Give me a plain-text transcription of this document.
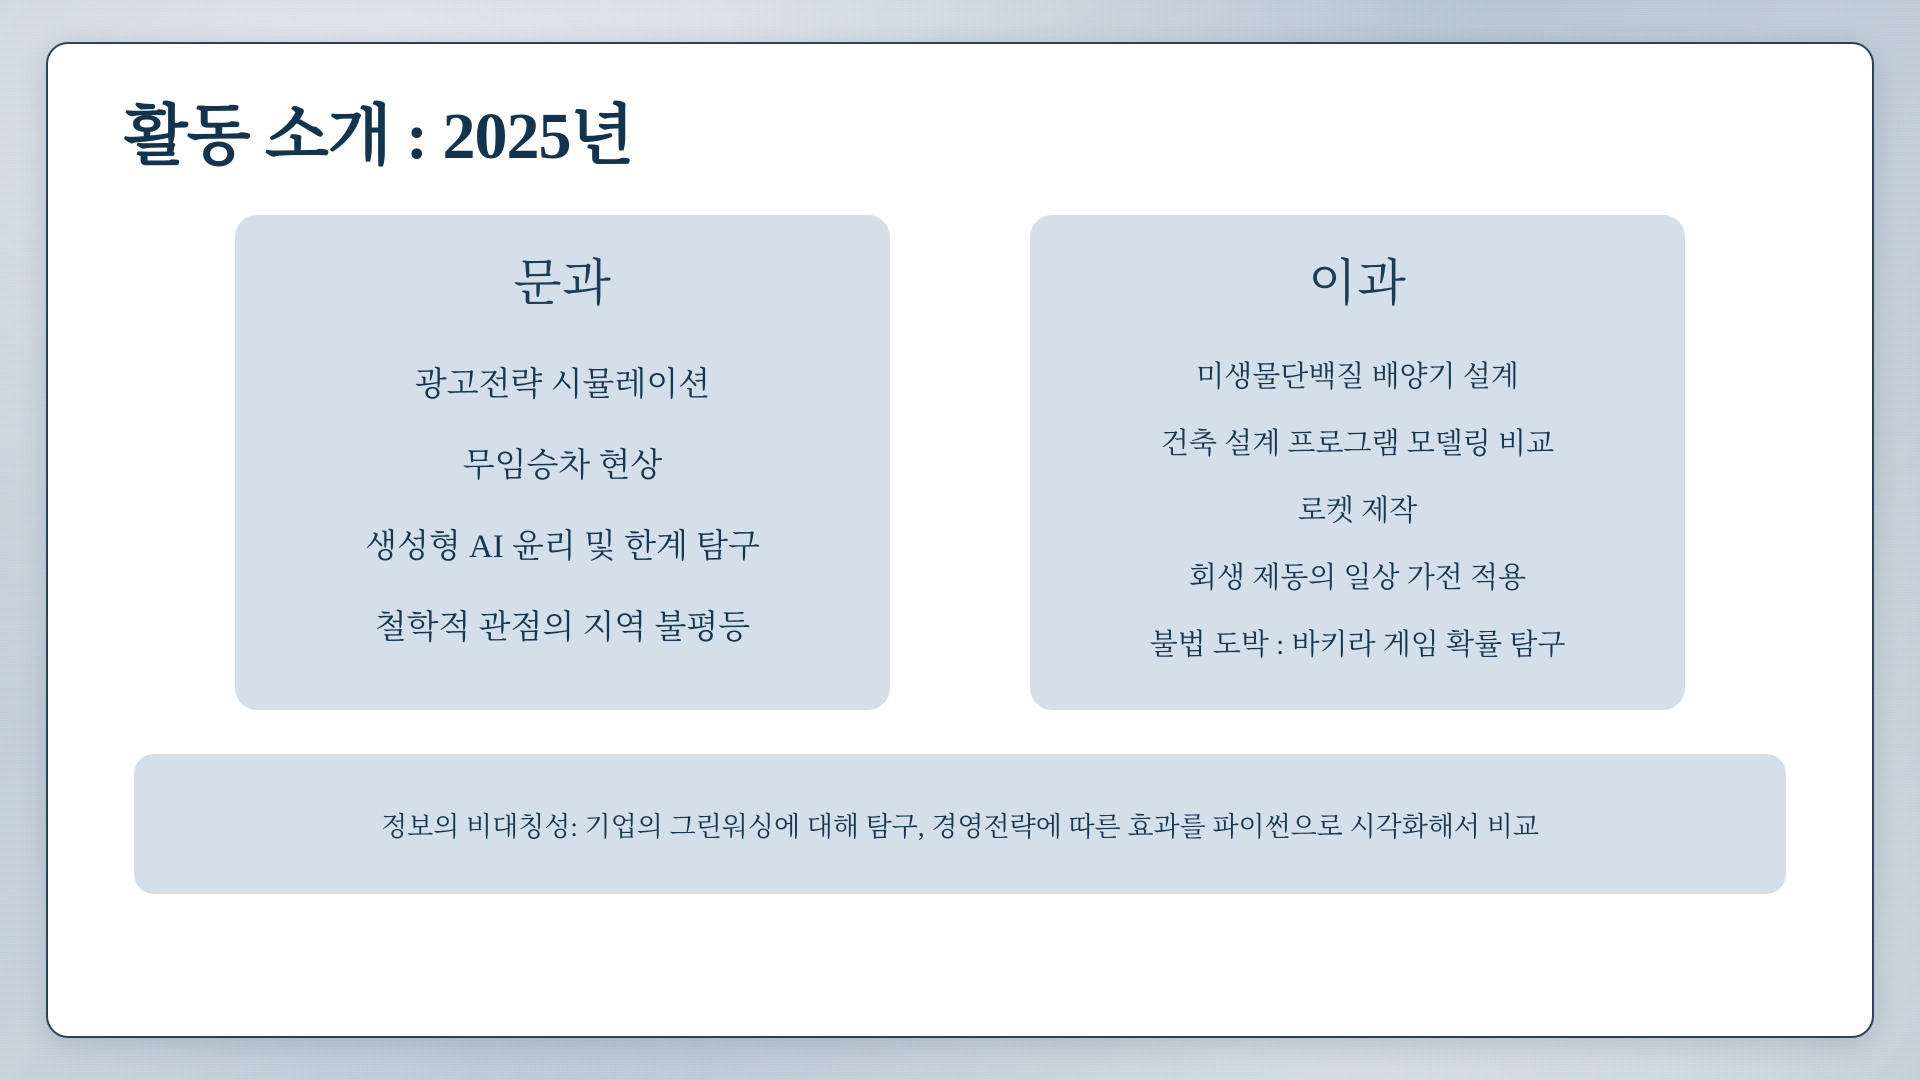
활동 소개 : 2025년
문과
광고전략 시뮬레이션
무임승차 현상
생성형 AI 윤리 및 한계 탐구
철학적 관점의 지역 불평등
이과
미생물단백질 배양기 설계
건축 설계 프로그램 모델링 비교
로켓 제작
회생 제동의 일상 가전 적용
불법 도박 : 바키라 게임 확률 탐구
정보의 비대칭성: 기업의 그린워싱에 대해 탐구, 경영전략에 따른 효과를 파이썬으로 시각화해서 비교
